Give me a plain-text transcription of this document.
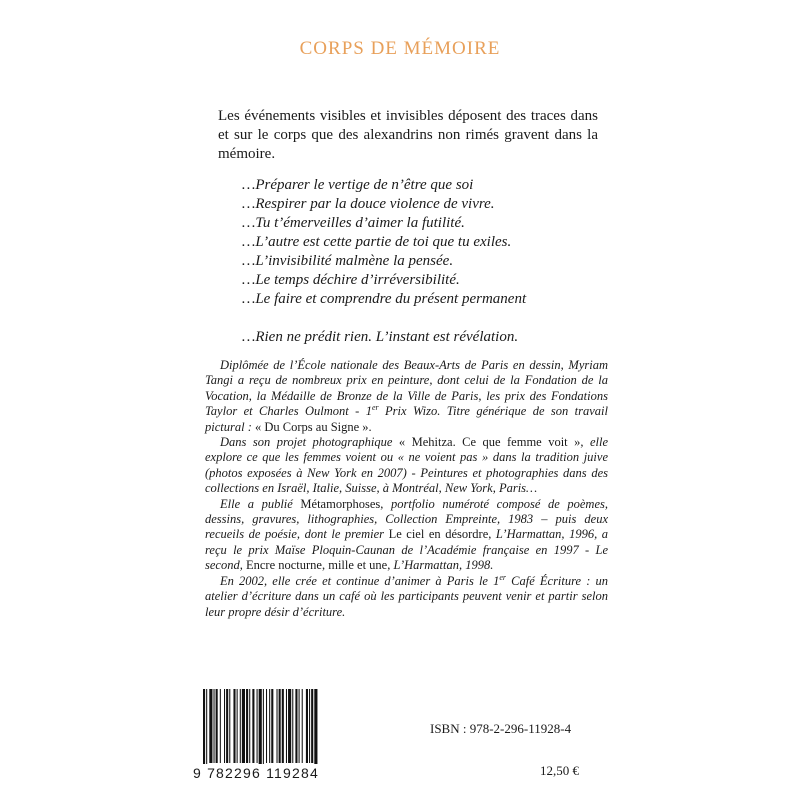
CORPS DE MÉMOIRE
Les événements visibles et invisibles déposent des traces dans et sur le corps que des alexandrins non rimés gravent dans la mémoire.
…Préparer le vertige de n’être que soi
…Respirer par la douce violence de vivre.
…Tu t’émerveilles d’aimer la futilité.
…L’autre est cette partie de toi que tu exiles.
…L’invisibilité malmène la pensée.
…Le temps déchire d’irréversibilité.
…Le faire et comprendre du présent permanent
…Rien ne prédit rien. L’instant est révélation.

Diplômée de l’École nationale des Beaux-Arts de Paris en dessin, Myriam Tangi a reçu de nombreux prix en peinture, dont celui de la Fondation de la Vocation, la Médaille de Bronze de la Ville de Paris, les prix des Fondations Taylor et Charles Oulmont - 1er Prix Wizo. Titre générique de son travail pictural : « Du Corps au Signe ».

Dans son projet photographique « Mehitza. Ce que femme voit », elle explore ce que les femmes voient ou « ne voient pas » dans la tradition juive (photos exposées à New York en 2007) - Peintures et photographies dans des collections en Israël, Italie, Suisse, à Montréal, New York, Paris…

Elle a publié Métamorphoses, portfolio numéroté composé de poèmes, dessins, gravures, lithographies, Collection Empreinte, 1983 – puis deux recueils de poésie, dont le premier Le ciel en désordre, L’Harmattan, 1996, a reçu le prix Maïse Ploquin-Caunan de l’Académie française en 1997 - Le second, Encre nocturne, mille et une, L’Harmattan, 1998.

En 2002, elle crée et continue d’animer à Paris le 1er Café Écriture : un atelier d’écriture dans un café où les participants peuvent venir et partir selon leur propre désir d’écriture.

9 782296 119284
ISBN : 978-2-296-11928-4
12,50 €
